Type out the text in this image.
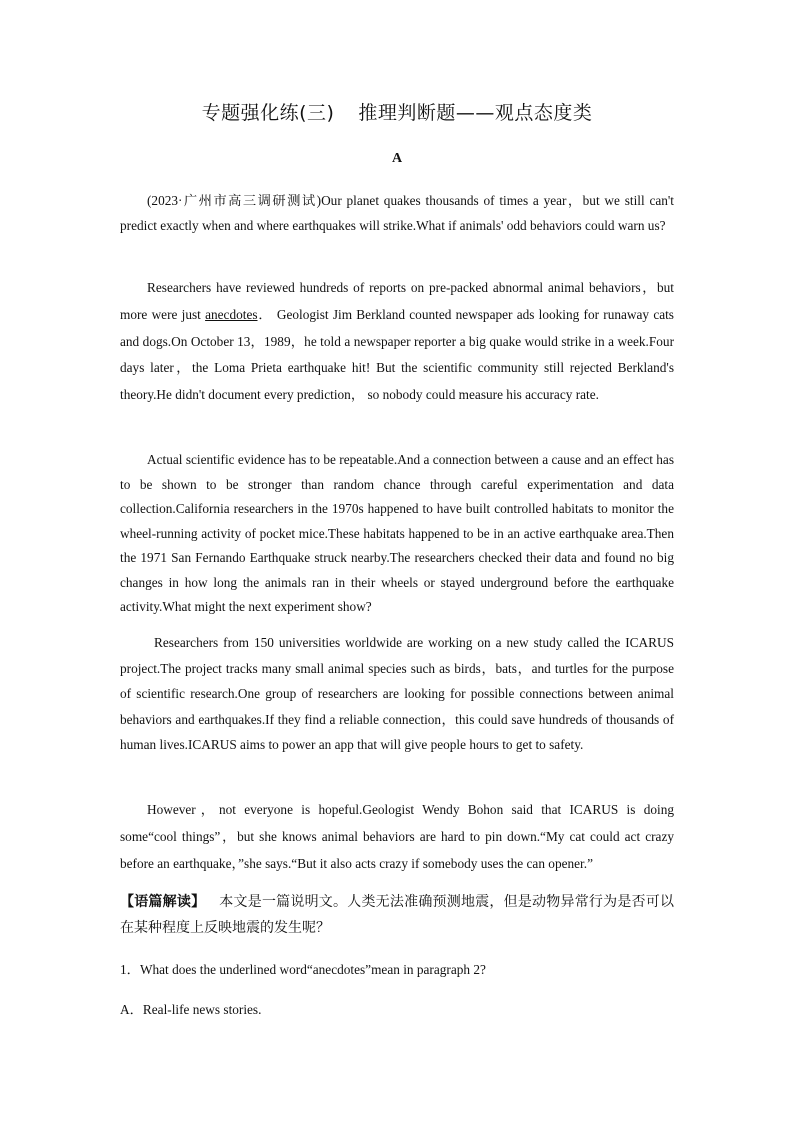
专题强化练(三) 推理判断题——观点态度类
A

(2023·广州市高三调研测试)Our planet quakes thousands of times a year，but we still can't predict exactly when and where earthquakes will strike.What if animals' odd behaviors could warn us?

Researchers have reviewed hundreds of reports on pre-packed abnormal animal behaviors，but more were just anecdotes． Geologist Jim Berkland counted newspaper ads looking for runaway cats and dogs.On October 13，1989，he told a newspaper reporter a big quake would strike in a week.Four days later，the Loma Prieta earthquake hit! But the scientific community still rejected Berkland's theory.He didn't document every prediction， so nobody could measure his accuracy rate.

Actual scientific evidence has to be repeatable.And a connection between a cause and an effect has to be shown to be stronger than random chance through careful experimentation and data collection.California researchers in the 1970s happened to have built controlled habitats to monitor the wheel-running activity of pocket mice.These habitats happened to be in an active earthquake area.Then the 1971 San Fernando Earthquake struck nearby.The researchers checked their data and found no big changes in how long the animals ran in their wheels or stayed underground before the earthquake activity.What might the next experiment show?

Researchers from 150 universities worldwide are working on a new study called the ICARUS project.The project tracks many small animal species such as birds，bats，and turtles for the purpose of scientific research.One group of researchers are looking for possible connections between animal behaviors and earthquakes.If they find a reliable connection，this could save hundreds of thousands of human lives.ICARUS aims to power an app that will give people hours to get to safety.

However，not everyone is hopeful.Geologist Wendy Bohon said that ICARUS is doing some“cool things”，but she knows animal behaviors are hard to pin down.“My cat could act crazy before an earthquake，”she says.“But it also acts crazy if somebody uses the can opener.”

【语篇解读】 本文是一篇说明文。人类无法准确预测地震，但是动物异常行为是否可以在某种程度上反映地震的发生呢？

1．What does the underlined word“anecdotes”mean in paragraph 2?

A．Real-life news stories.
